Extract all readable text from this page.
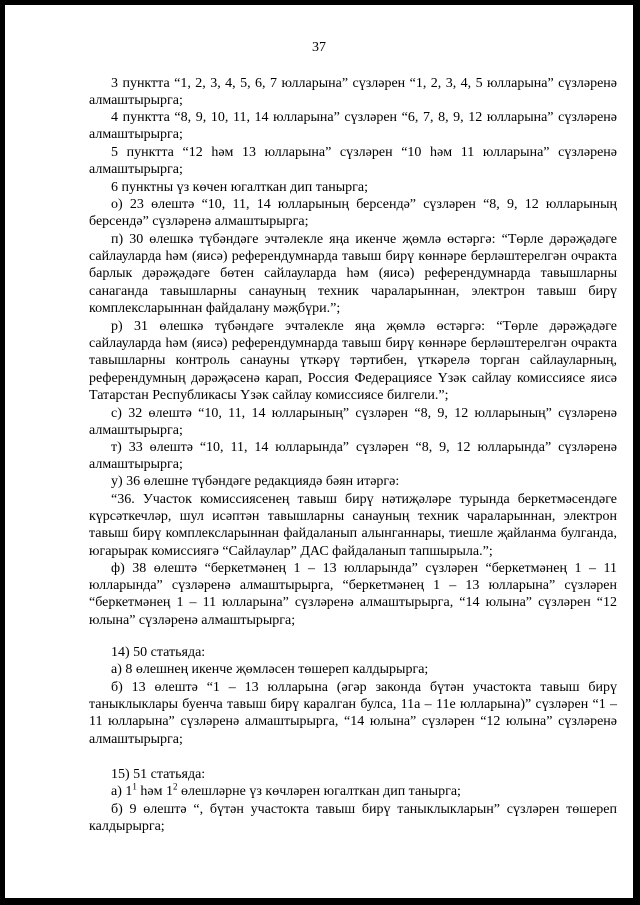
37

3 пунктта “1, 2, 3, 4, 5, 6, 7 юлларына” сүзләрен “1, 2, 3, 4, 5 юлларына” сүзләренә алмаштырырга;

4 пунктта “8, 9, 10, 11, 14 юлларына” сүзләрен “6, 7, 8, 9, 12 юлларына” сүзләренә алмаштырырга;

5 пунктта “12 һәм 13 юлларына” сүзләрен “10 һәм 11 юлларына” сүзләренә алмаштырырга;

6 пунктны үз көчен югалткан дип танырга;

о) 23 өлештә “10, 11, 14 юлларының берсендә” сүзләрен “8, 9, 12 юлларының берсендә” сүзләренә алмаштырырга;

п) 30 өлешкә түбәндәге эчтәлекле яңа икенче җөмлә өстәргә: “Төрле дәрәҗәдәге сайлауларда һәм (яисә) референдумнарда тавыш бирү көннәре берләштерелгән очракта барлык дәрәҗәдәге бөтен сайлауларда һәм (яисә) референдумнарда тавышларны санаганда тавышларны санауның техник чараларыннан, электрон тавыш бирү комплексларыннан файдалану мәҗбүри.”;

р) 31 өлешкә түбәндәге эчтәлекле яңа җөмлә өстәргә: “Төрле дәрәҗәдәге сайлауларда һәм (яисә) референдумнарда тавыш бирү көннәре берләштерелгән очракта тавышларны контроль санауны үткәрү тәртибен, үткәрелә торган сайлауларның, референдумның дәрәҗәсенә карап, Россия Федерациясе Үзәк сайлау комиссиясе яисә Татарстан Республикасы Үзәк сайлау комиссиясе билгели.”;

с) 32 өлештә “10, 11, 14 юлларының” сүзләрен “8, 9, 12 юлларының” сүзләренә алмаштырырга;

т) 33 өлештә “10, 11, 14 юлларында” сүзләрен “8, 9, 12 юлларында” сүзләренә алмаштырырга;

у) 36 өлешне түбәндәге редакциядә бәян итәргә:

“36. Участок комиссиясенең тавыш бирү нәтиҗәләре турында беркетмәсендәге күрсәткечләр, шул исәптән тавышларны санауның техник чараларыннан, электрон тавыш бирү комплексларыннан файдаланып алынганнары, тиешле җайланма булганда, югарырак комиссиягә “Сайлаулар” ДАС файдаланып тапшырыла.”;

ф) 38 өлештә “беркетмәнең 1 – 13 юлларында” сүзләрен “беркетмәнең 1 – 11 юлларында” сүзләренә алмаштырырга, “беркетмәнең 1 – 13 юлларына” сүзләрен “беркетмәнең 1 – 11 юлларына” сүзләренә алмаштырырга, “14 юлына” сүзләрен “12 юлына” сүзләренә алмаштырырга;

14) 50 статьяда:

а) 8 өлешнең икенче җөмләсен төшереп калдырырга;

б) 13 өлештә “1 – 13 юлларына (әгәр законда бүтән участокта тавыш бирү таныклыклары буенча тавыш бирү каралган булса, 11а – 11е юлларына)” сүзләрен “1 – 11 юлларына” сүзләренә алмаштырырга, “14 юлына” сүзләрен “12 юлына” сүзләренә алмаштырырга;

15) 51 статьяда:

а) $1^1$ һәм $1^2$ өлешләрне үз көчләрен югалткан дип танырга;

б) 9 өлештә “, бүтән участокта тавыш бирү таныклыкларын” сүзләрен төшереп калдырырга;
